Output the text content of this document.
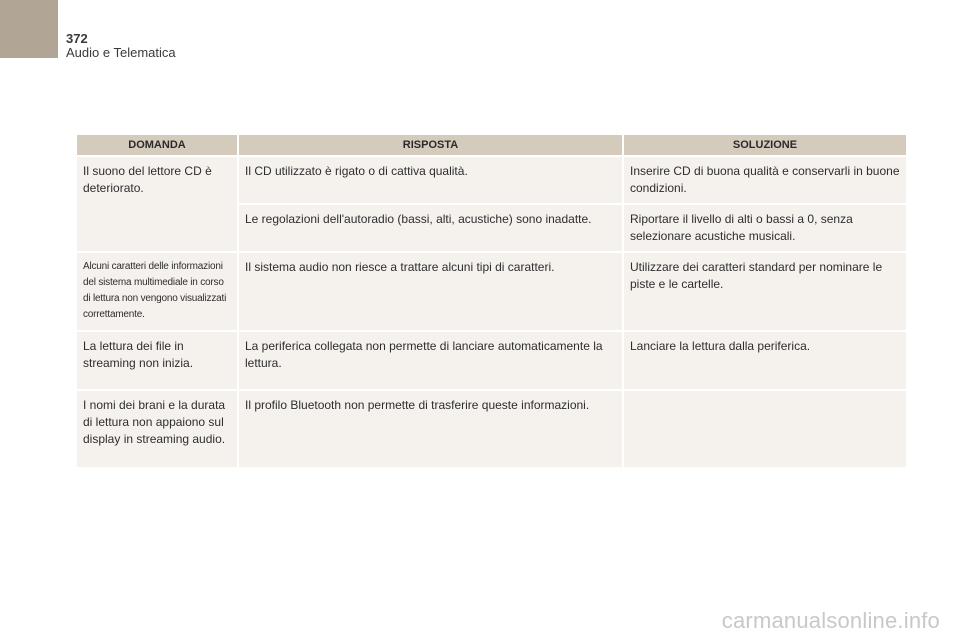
372
Audio e Telematica
DOMANDA	RISPOSTA	SOLUZIONE
Il suono del lettore CD è deteriorato.	Il CD utilizzato è rigato o di cattiva qualità.	Inserire CD di buona qualità e conservarli in buone condizioni.
	Le regolazioni dell'autoradio (bassi, alti, acustiche) sono inadatte.	Riportare il livello di alti o bassi a 0, senza selezionare acustiche musicali.
Alcuni caratteri delle informazioni del sistema multimediale in corso di lettura non vengono visualizzati correttamente.	Il sistema audio non riesce a trattare alcuni tipi di caratteri.	Utilizzare dei caratteri standard per nominare le piste e le cartelle.
La lettura dei file in streaming non inizia.	La periferica collegata non permette di lanciare automaticamente la lettura.	Lanciare la lettura dalla periferica.
I nomi dei brani e la durata di lettura non appaiono sul display in streaming audio.	Il profilo Bluetooth non permette di trasferire queste informazioni.	
carmanualsonline.info
